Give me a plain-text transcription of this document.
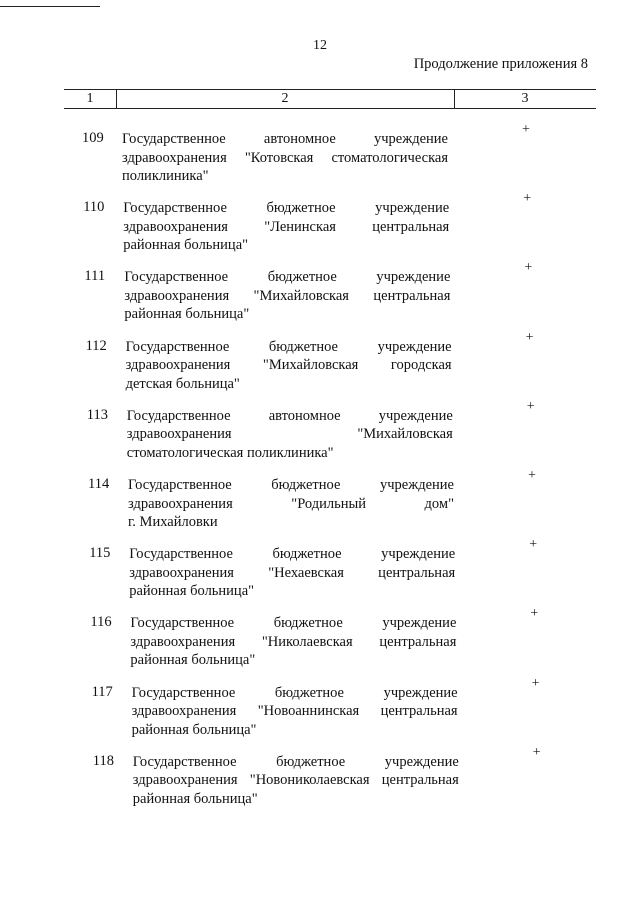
12
Продолжение приложения 8
1	2	3
109 Государственное автономное учреждение
здравоохранения "Котовская стоматологическая
поликлиника"
+
110 Государственное бюджетное учреждение
здравоохранения "Ленинская центральная
районная больница"
+
111 Государственное бюджетное учреждение
здравоохранения "Михайловская центральная
районная больница"
+
112 Государственное бюджетное учреждение
здравоохранения "Михайловская городская
детская больница"
+
113 Государственное автономное учреждение
здравоохранения "Михайловская
стоматологическая поликлиника"
+
114 Государственное бюджетное учреждение
здравоохранения "Родильный дом"
г. Михайловки
+
115 Государственное бюджетное учреждение
здравоохранения "Нехаевская центральная
районная больница"
+
116 Государственное бюджетное учреждение
здравоохранения "Николаевская центральная
районная больница"
+
117 Государственное бюджетное учреждение
здравоохранения "Новоаннинская центральная
районная больница"
+
118 Государственное бюджетное учреждение
здравоохранения "Новониколаевская центральная
районная больница"
+
